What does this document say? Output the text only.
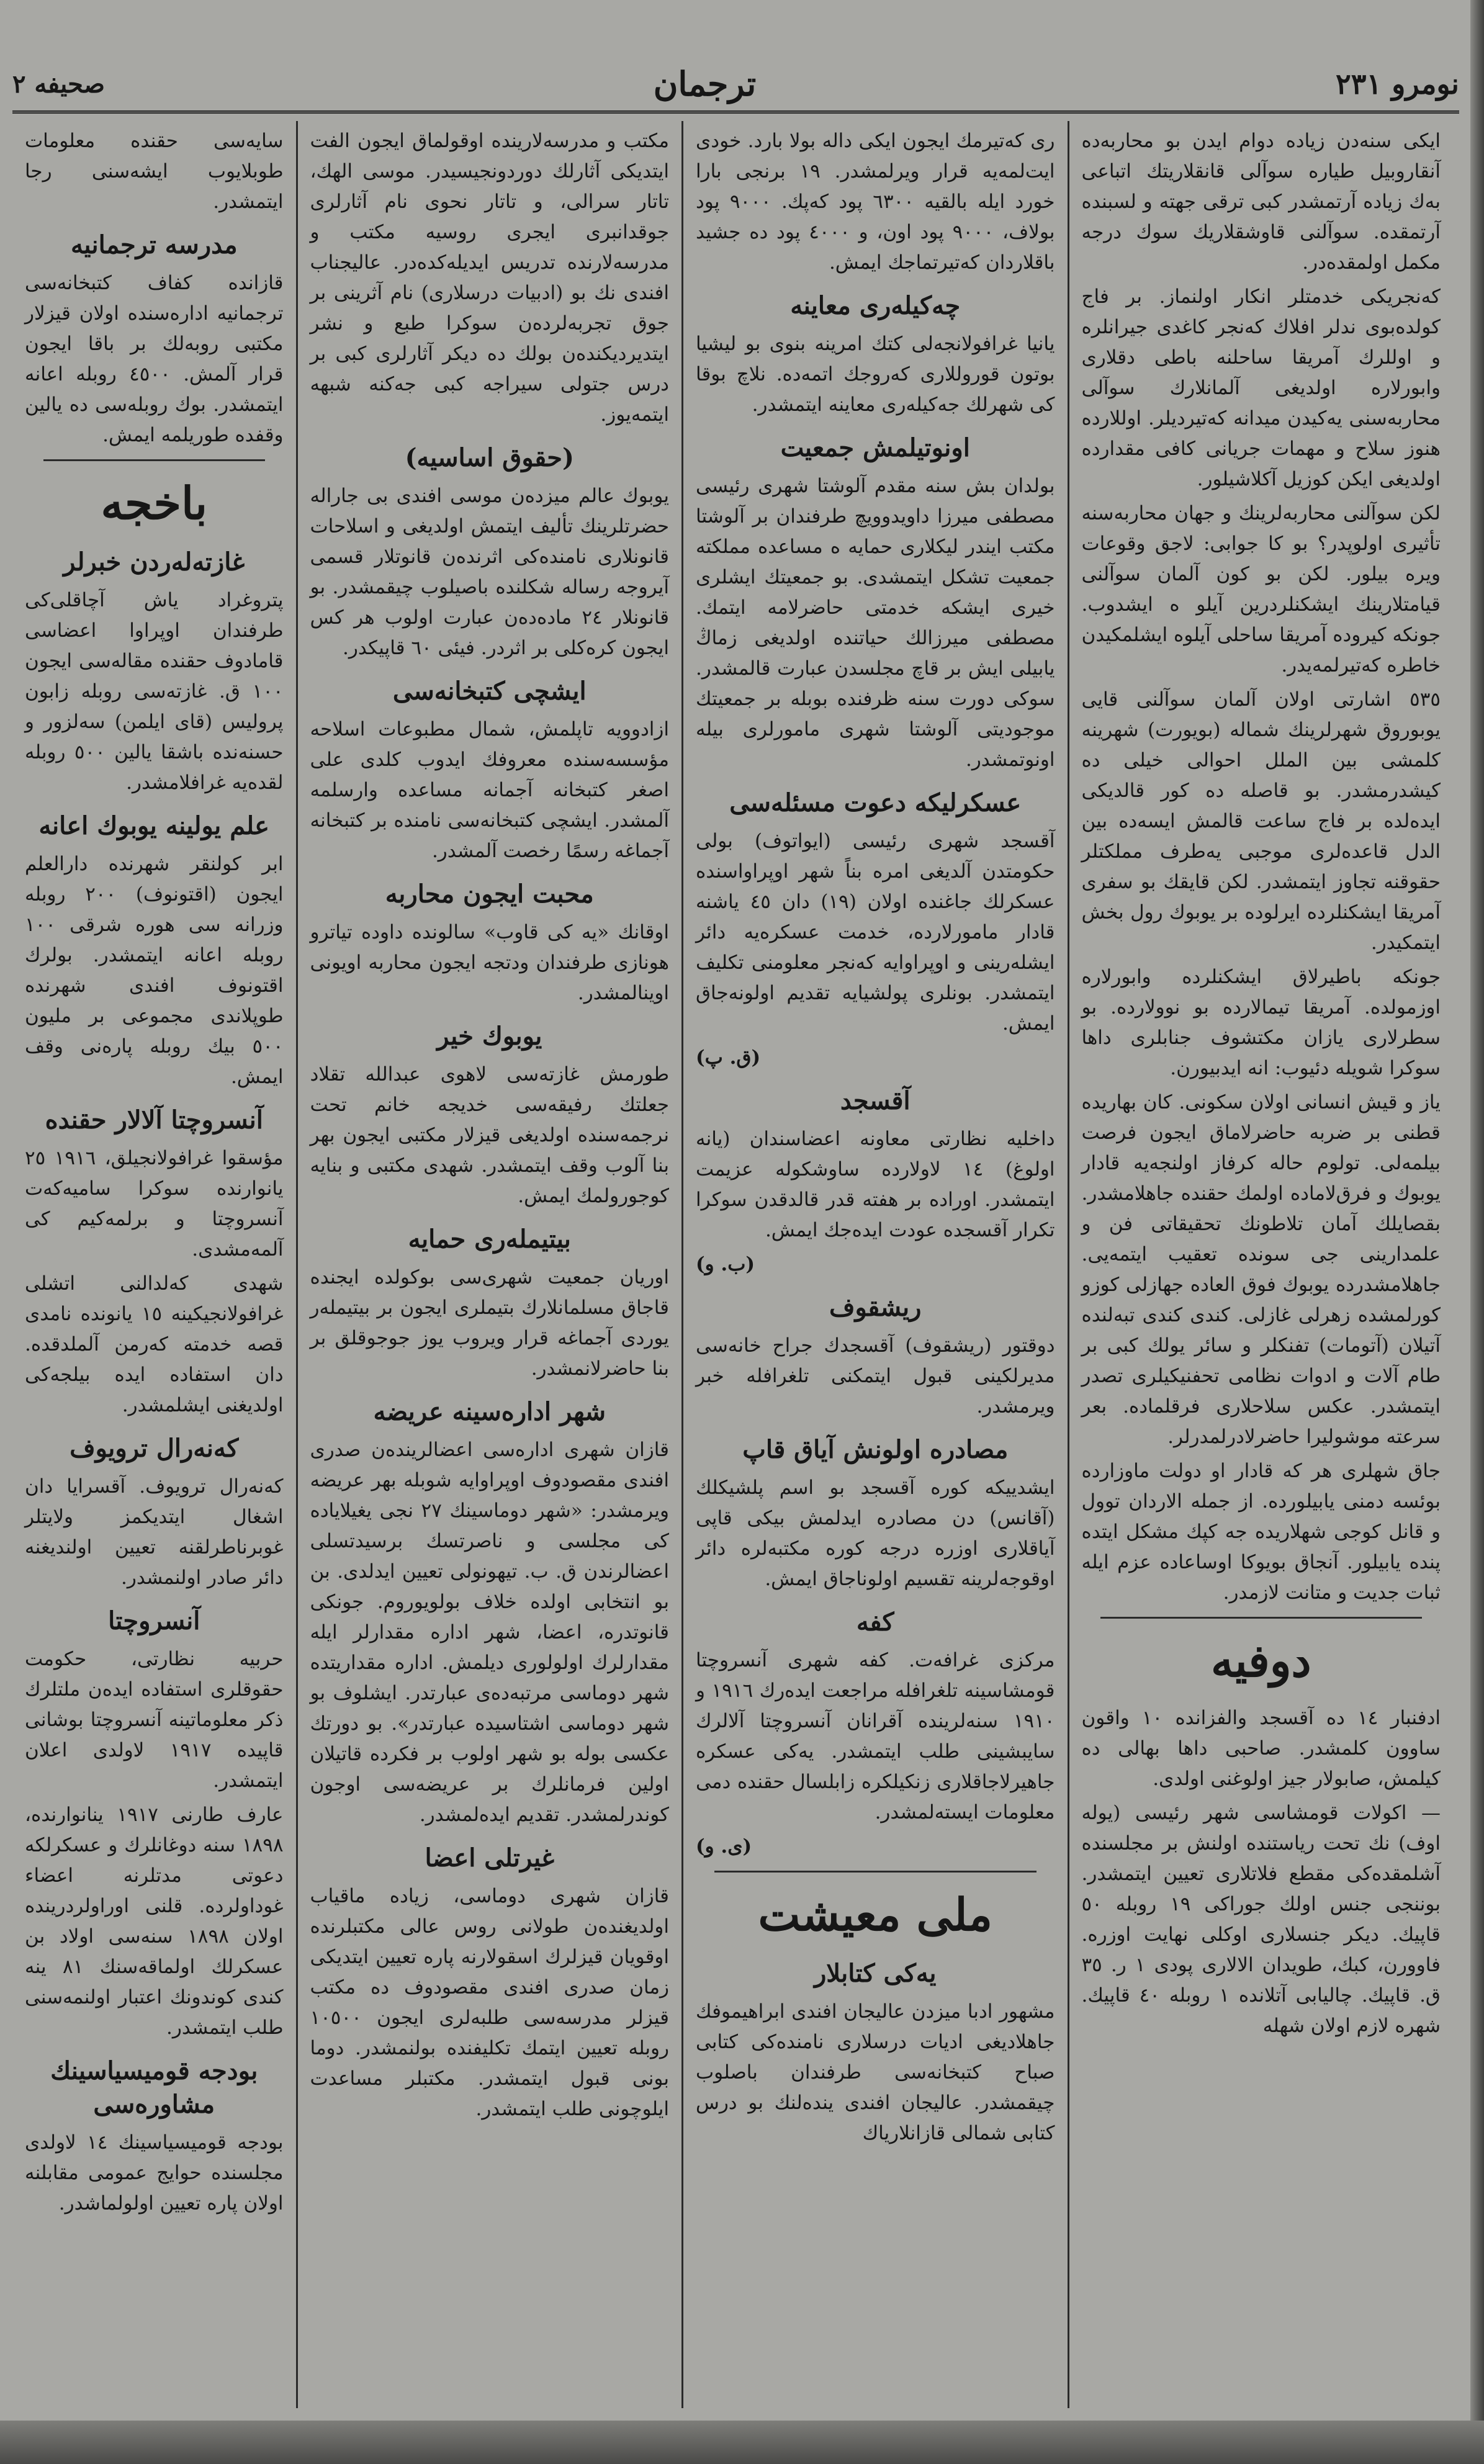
نومرو ٢٣١
ترجمان
صحيفه ٢
ايكى سنه‌دن زياده دوام ايدن بو محاربه‌ده آنقاروبيل طياره سوآلى قانقلاريتك اتباعى به‌ك زياده آرتمشدر كبى ترقى جهته و لسبنده آرتمقده. سوآلنى قاوشقلاريك سوك درجه مكمل اولمقده‌در.
كه‌نجريكى خدمتلر انكار اولنماز. بر فاج كولده‌بوى ندلر افلاك كه‌نجر كاغدى جيرانلره و اوللرك آمريقا ساحلنه باطى دقلارى وابورلاره اولديغى آلمانلارك سوآلى محاربه‌سنى يه‌كيدن ميدانه كه‌تيرديلر. اوللارده هنوز سلاح و مهمات جريانى كافى مقدارده اولديغى ايكن كوزيل آكلاشيلور.
لكن سوآلنى محاربه‌لرينك و جهان محاربه‌سنه تأثيرى اولوپدر؟ بو كا جوابى: لاجق وقوعات ويره بيلور. لكن بو كون آلمان سوآلنى قيامتلارينك ايشكنلردرين آيلو ه ايشدوب. جونكه كيروده آمريقا ساحلى آيلوه ايشلمكيدن خاطره كه‌تيرلمه‌يدر.
٥٣٥ اشارتى اولان آلمان سوآلنى قايى يوبوروق شهرلرينك شماله (بويورت) شهرينه كلمشى بين الملل احوالى خيلى ده كيشدرمشدر. بو قاصله ده كور قالديكى ايده‌لده بر فاج ساعت قالمش ايسه‌ده بين الدل قاعده‌لرى موجبى يه‌طرف مملكتلر حقوقنه تجاوز ايتمشدر. لكن قايقك بو سفرى آمريقا ايشكنلرده ايرلوده بر يوبوك رول بخش ايتمكيدر.
جونكه باطيرلاق ايشكنلرده وابورلاره اوزمولده. آمريقا تيمالارده بو نوولارده. بو سطرلارى يازان مكتشوف جنابلرى داها سوكرا شويله دئيوب: انه ايدبيورن.
ياز و قيش انسانى اولان سكونى. كان بهاريده قطنى بر ضربه حاضرلاماق ايجون فرصت بيلمه‌لى. تولوم حاله كرفاز اولنجه‌يه قادار يوبوك و فرق‌لاماده اولمك حقنده جاهلامشدر. بقصايلك آمان تلاطونك تحقيقاتى فن و علمدارينى جى سونده تعقيب ايتمه‌يى. جاهلامشدرده يوبوك فوق العاده جهازلى كوزو كورلمشده زهرلى غازلى. كندى كندى تبه‌لنده آتيلان (آتومات) تفنكلر و سائر يولك كبى بر طام آلات و ادوات نظامى تحفنيكيلرى تصدر ايتمشدر. عكس سلاحلارى فرقلماده. بعر سرعته موشوليرا حاضرلادرلمدرلر.
جاق شهلرى هر كه قادار او دولت ماوزارده بوئسه دمنى يابيلورده. از جمله الاردان توول و قانل كوجى شهلاريده جه كپك مشكل ايتده پنده يابيلور. آنجاق بويوكا اوساعاده عزم ايله ثبات جديت و متانت لازمدر.
دوفيه
ادفنبار ١٤ ده آقسجد والفزانده ١٠ واقون ساوون كلمشدر. صاحبى داها بهالى ده كيلمش، صابولار جيز اولوغنى اولدى.
— اكولات قومشاسى شهر رئيسى (يوله اوف) نك تحت رياستنده اولنش بر مجلسنده آشلمقده‌كى مقطع فلاتلارى تعيين ايتمشدر. بوننجى جنس اولك جوراكى ١٩ روبله ٥٠ قاپيك. ديكر جنسلارى اوكلى نهايت اوزره. فاوورن، كبك، طويدان الالارى پودى ١ ر. ٣٥ ق. قاپيك. چاليابى آتلانده ١ روبله ٤٠ قاپيك. شهره لازم اولان شهله
رى كه‌تيرمك ايجون ايكى داله بولا بارد. خودى ايت‌لمه‌يه قرار ويرلمشدر. ١٩ برنجى بارا خورد ايله بالقيه ٦٣٠٠ پود كه‌پك. ٩٠٠٠ پود بولاف، ٩٠٠٠ پود اون، و ٤٠٠٠ پود ده جشيد باقلاردان كه‌تيرتماجك ايمش.
چه‌كيله‌رى معاينه
يانيا غرافولانجه‌لى كتك امرينه بنوى بو ليشيا بوتون قوروللارى كه‌روجك اتمه‌ده. نلاچ بوقا كى شهرلك جه‌كيله‌رى معاينه ايتمشدر.
اونوتيلمش جمعيت
بولدان بش سنه مقدم آلوشتا شهرى رئيسى مصطفى ميرزا داويدوويچ طرفندان بر آلوشتا مكتب ايندر ليكلارى حمايه ه مساعده مملكته جمعيت تشكل ايتمشدى. بو جمعيتك ايشلرى خيرى ايشكه خدمتى حاضرلامه ايتمك. مصطفى ميرزالك حياتنده اولديغى زماڭ يابيلى ايش بر قاچ مجلسدن عبارت قالمشدر. سوكى دورت سنه ظرفنده بوبله بر جمعيتك موجوديتى آلوشتا شهرى مامورلرى بيله اونوتمشدر.
عسكرليكه دعوت مسئله‌سى
آقسجد شهرى رئيسى (ايواتوف) بولى حكومتدن آلديغى امره بناً شهر اوپراواسنده عسكرلك جاغنده اولان (١٩) دان ٤٥ ياشنه قادار مامورلارده، خدمت عسكره‌يه دائر ايشله‌رينى و اوپراوايه كه‌نجر معلومنى تكليف ايتمشدر. بونلرى پولشيايه تقديم اولونه‌جاق ايمش.
(ق. پ)
آقسجد
داخليه نظارتى معاونه اعضاسندان (يانه اولوغ) ١٤ لاولارده ساوشكوله عزيمت ايتمشدر. اوراده بر هفته قدر قالدقدن سوكرا تكرار آقسجده عودت ايده‌جك ايمش.
(ب. و)
ريشقوف
دوقتور (ريشقوف) آقسجدك جراح خانه‌سى مديرلكينى قبول ايتمكنى تلغرافله خبر ويرمشدر.
مصادره اولونش آياق قاپ
ايشدييكه كوره آقسجد بو اسم پلشيكلك (آقانس) دن مصادره ايدلمش بيكى قاپى آياقلارى اوزره درجه كوره مكتبه‌لره دائر اوقوجه‌لرينه تقسيم اولوناجاق ايمش.
كفه
مركزى غرافه‌ت. كفه شهرى آنسروچتا قومشاسينه تلغرافله مراجعت ايده‌رك ١٩١٦ و ١٩١٠ سنه‌لرينده آقرانان آنسروچتا آلالرك سايبشينى طلب ايتمشدر. يه‌كى عسكره جاهيرلاجاقلارى زنكيلكره زابلسال حقنده دمى معلومات ايسته‌لمشدر.
(ى. و)
ملى معيشت
يه‌كى كتابلار
مشهور ادبا ميزدن عاليجان افندى ابراهيموفك جاهلاديغى اديات درسلارى نامنده‌كى كتابى صباح كتبخانه‌سى طرفندان باصلوب چيقمشدر. عاليجان افندى ينده‌لنك بو درس كتابى شمالى قازانلارياك
مكتب و مدرسه‌لارينده اوقولماق ايجون الفت ايتديكى آثارلك دوردونجيسيدر. موسى الهك، تاتار سرالى، و تاتار نحوى نام آثارلرى جوقدانبرى ايجرى روسيه مكتب و مدرسه‌لارنده تدريس ايديله‌كده‌در. عاليجناب افندى نك بو (ادبيات درسلارى) نام آثرينى بر جوق تجربه‌لرده‌ن سوكرا طبع و نشر ايتديرديكنده‌ن بولك ده ديكر آثارلرى كبى بر درس جتولى سيراجه كبى جه‌كنه شبهه ايتمه‌يوز.
(حقوق اساسيه)
يوبوك عالم ميزده‌ن موسى افندى بى جاراله حضرتلرينك تأليف ايتمش اولديغى و اسلاحات قانونلارى نامنده‌كى اثرنده‌ن قانوتلار قسمى آيروجه رساله شكلنده باصيلوب چيقمشدر. بو قانونلار ٢٤ ماده‌ده‌ن عبارت اولوب هر كس ايجون كره‌كلى بر اثردر. فيئى ٦٠ قاپيكدر.
ايشچى كتبخانه‌سى
ازادوويه تاپلمش، شمال مطبوعات اسلاحه مؤسسه‌سنده معروفك ايدوب كلدى على اصغر كتبخانه آجمانه مساعده وارسلمه آلمشدر. ايشچى كتبخانه‌سى نامنده بر كتبخانه آجماغه رسمًا رخصت آلمشدر.
محبت ايجون محاربه
اوقانك «يه كى قاوب» سالونده داوده تياترو هونازى طرفندان ودتجه ايجون محاربه اويونى اوينالمشدر.
يوبوك خير
طورمش غازته‌سى لاهوى عبدالله تقلاد جعلتك رفيقه‌سى خديجه خانم تحت نرجمه‌سنده اولديغى قيزلار مكتبى ايجون بهر بنا آلوب وقف ايتمشدر. شهدى مكتبى و بنايه كوجورولمك ايمش.
بيتيمله‌رى حمايه
اوريان جمعيت شهرى‌سى بوكولده ايجنده قاجاق مسلمانلارك بتيملرى ايجون بر بيتيمله‌ر يوردى آجماغه قرار ويروب يوز جوجوقلق بر بنا حاضرلانمشدر.
شهر اداره‌سينه عريضه
قازان شهرى اداره‌سى اعضالرينده‌ن صدرى افندى مقصودوف اوپراوايه شوبله بهر عريضه ويرمشدر: «شهر دوماسينك ٢٧ نجى يغيلاياده كى مجلسى و ناصرتسك برسيدتسلى اعضالرندن ق. ب. تيهونولى تعيين ايدلدى. بن بو انتخابى اولده خلاف بولويوروم. جونكى قانوتدره، اعضا، شهر اداره مقدارلر ايله مقدارلرك اولولورى ديلمش. اداره مقداريتده شهر دوماسى مرتبه‌ده‌ى عبارتدر. ايشلوف بو شهر دوماسى اشتاسيده عبارتدر». بو دورتك عكسى بوله بو شهر اولوب بر فكرده قاتيلان اولين فرمانلرك بر عريضه‌سى اوجون كوندرلمشدر. تقديم ايده‌لمشدر.
غيرتلى اعضا
قازان شهرى دوماسى، زياده ماقياب اولديغنده‌ن طولانى روس عالى مكتبلرنده اوقويان قيزلرك اسقولارنه پاره تعيين ايتديكى زمان صدرى افندى مقصودوف ده مكتب قيزلر مدرسه‌سى طلبه‌لرى ايجون ١٠٥٠٠ روبله تعيين ايتمك تكليفنده بولنمشدر. دوما بونى قبول ايتمشدر. مكتبلر مساعدت ايلوچونى طلب ايتمشدر.
سايه‌سى حقنده معلومات طوبلايوب ايشه‌سنى رجا ايتمشدر.
مدرسه ترجمانيه
قازانده كفاف كتبخانه‌سى ترجمانيه اداره‌سنده اولان قيزلار مكتبى روبه‌لك بر باقا ايجون قرار آلمش. ٤٥٠٠ روبله اعانه ايتمشدر. بوك روبله‌سى ده يالين وقفده طوريلمه ايمش.
باخجه
غازته‌له‌ردن خبرلر
پتروغراد ياش آچاقلى‌كى طرفندان اوپراوا اعضاسى قامادوف حقنده مقاله‌سى ايجون ١٠٠ ق. غازته‌سى روبله زابون پروليس (قاى ايلمن) سه‌لزور و حسنه‌نده باشقا يالين ٥٠٠ روبله لقده‌يه غرافلامشدر.
علم يولينه يوبوك اعانه
ابر كولنقر شهرنده دارالعلم ايجون (اقتونوف) ٢٠٠ روبله وزرانه سى هوره شرقى ١٠٠ روبله اعانه ايتمشدر. بولرك اقتونوف افندى شهرنده طوپلاندى مجموعى بر مليون ٥٠٠ بيك روبله پاره‌نى وقف ايمش.
آنسروچتا آلالار حقنده
مؤسقوا غرافولانجيلق، ١٩١٦ ٢٥ يانوارنده سوكرا ساميه‌كه‌ت آنسروچتا و برلمه‌كيم كى آلمه‌مشدى.
شهدى كه‌لدالنى اتشلى غرافولانجيكينه ١٥ يانونده نامدى قصه خدمته كه‌رمن آلملدقده. دان استفاده ايده بيلجه‌كى اولديغنى ايشلمشدر.
كه‌نه‌رال ترويوف
كه‌نه‌رال ترويوف. آقسرايا دان اشغال ايتديكمز ولايتلر غوبرناطرلقنه تعيين اولنديغنه دائر صادر اولنمشدر.
آنسروچتا
حربيه نظارتى، حكومت حقوقلرى استفاده ايده‌ن ملتلرك ذكر معلوماتينه آنسروچتا بوشانى قاپيده ١٩١٧ لاولدى اعلان ايتمشدر.
عارف طارنى ١٩١٧ ينانوارنده، ١٨٩٨ سنه دوغانلرك و عسكرلكه دعوتى مدتلرنه اعضاء غوداولرده. قلنى اوراولردرينده اولان ١٨٩٨ سنه‌سى اولاد بن عسكرلك اولماقه‌سنك ٨١ ينه كندى كوندونك اعتبار اولنمه‌سنى طلب ايتمشدر.
بودجه قوميسياسينك مشاوره‌سى
بودجه قوميسياسينك ١٤ لاولدى مجلسنده حوايج عمومى مقابلنه اولان پاره تعيين اولولماشدر.
